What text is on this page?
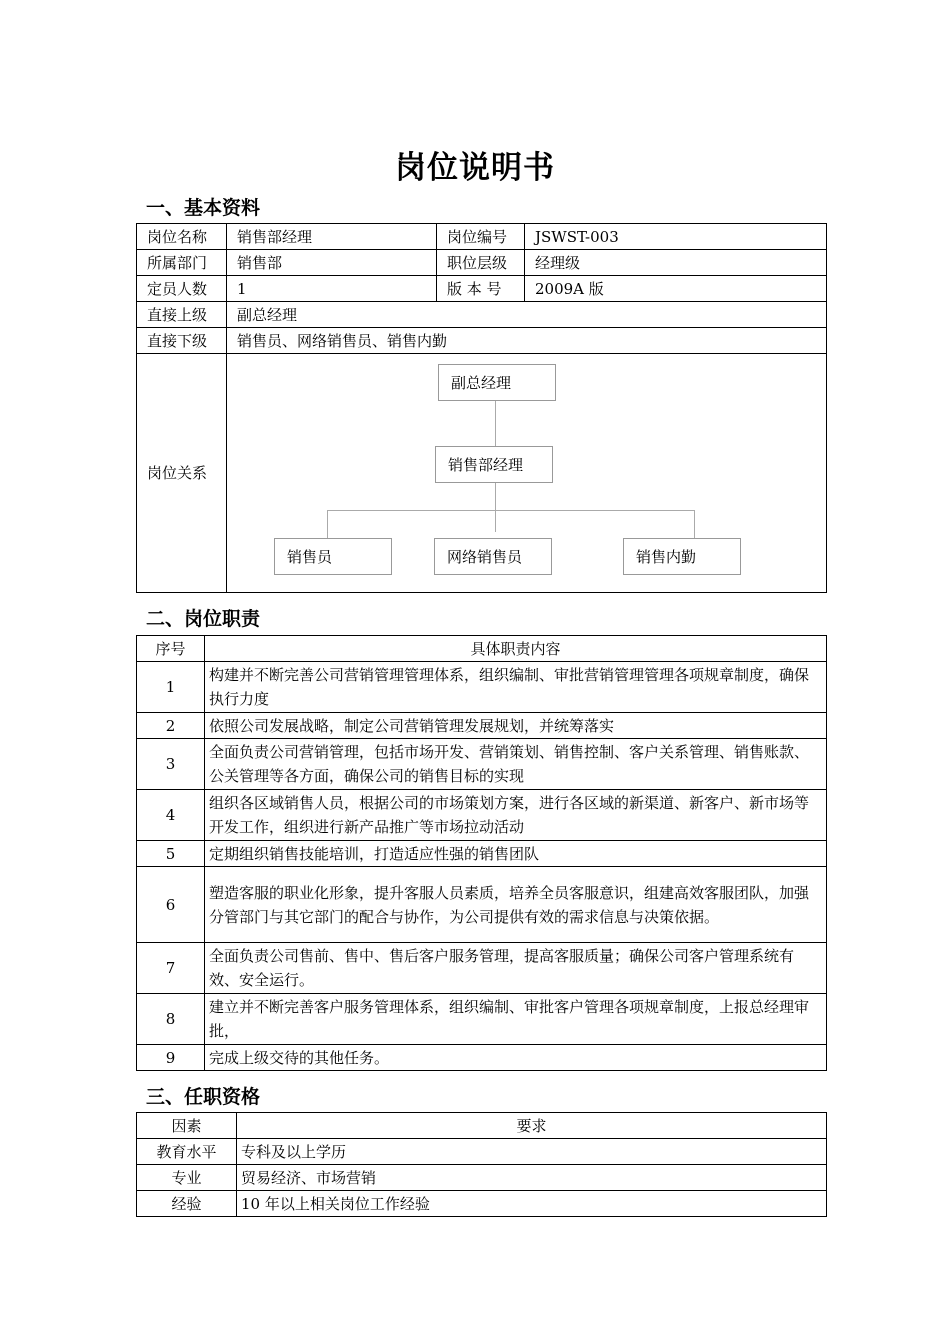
岗位说明书
一、基本资料
岗位名称	销售部经理	岗位编号	JSWST-003
所属部门	销售部	职位层级	经理级
定员人数	1	版 本 号	2009A 版
直接上级	副总经理		
直接下级	销售员、网络销售员、销售内勤		
岗位关系	副总经理
销售部经理
销售员 网络销售员 销售内勤		
二、岗位职责
序号	具体职责内容
1	构建并不断完善公司营销管理管理体系，组织编制、审批营销管理管理各项规章制度，确保执行力度
2	依照公司发展战略，制定公司营销管理发展规划，并统筹落实
3	全面负责公司营销管理，包括市场开发、营销策划、销售控制、客户关系管理、销售账款、公关管理等各方面，确保公司的销售目标的实现
4	组织各区域销售人员，根据公司的市场策划方案，进行各区域的新渠道、新客户、新市场等开发工作，组织进行新产品推广等市场拉动活动
5	定期组织销售技能培训，打造适应性强的销售团队
6	塑造客服的职业化形象，提升客服人员素质，培养全员客服意识，组建高效客服团队，加强分管部门与其它部门的配合与协作，为公司提供有效的需求信息与决策依据。
7	全面负责公司售前、售中、售后客户服务管理，提高客服质量；确保公司客户管理系统有效、安全运行。
8	建立并不断完善客户服务管理体系，组织编制、审批客户管理各项规章制度，上报总经理审批，
9	完成上级交待的其他任务。
三、任职资格
因素	要求
教育水平	专科及以上学历
专业	贸易经济、市场营销
经验	10 年以上相关岗位工作经验
